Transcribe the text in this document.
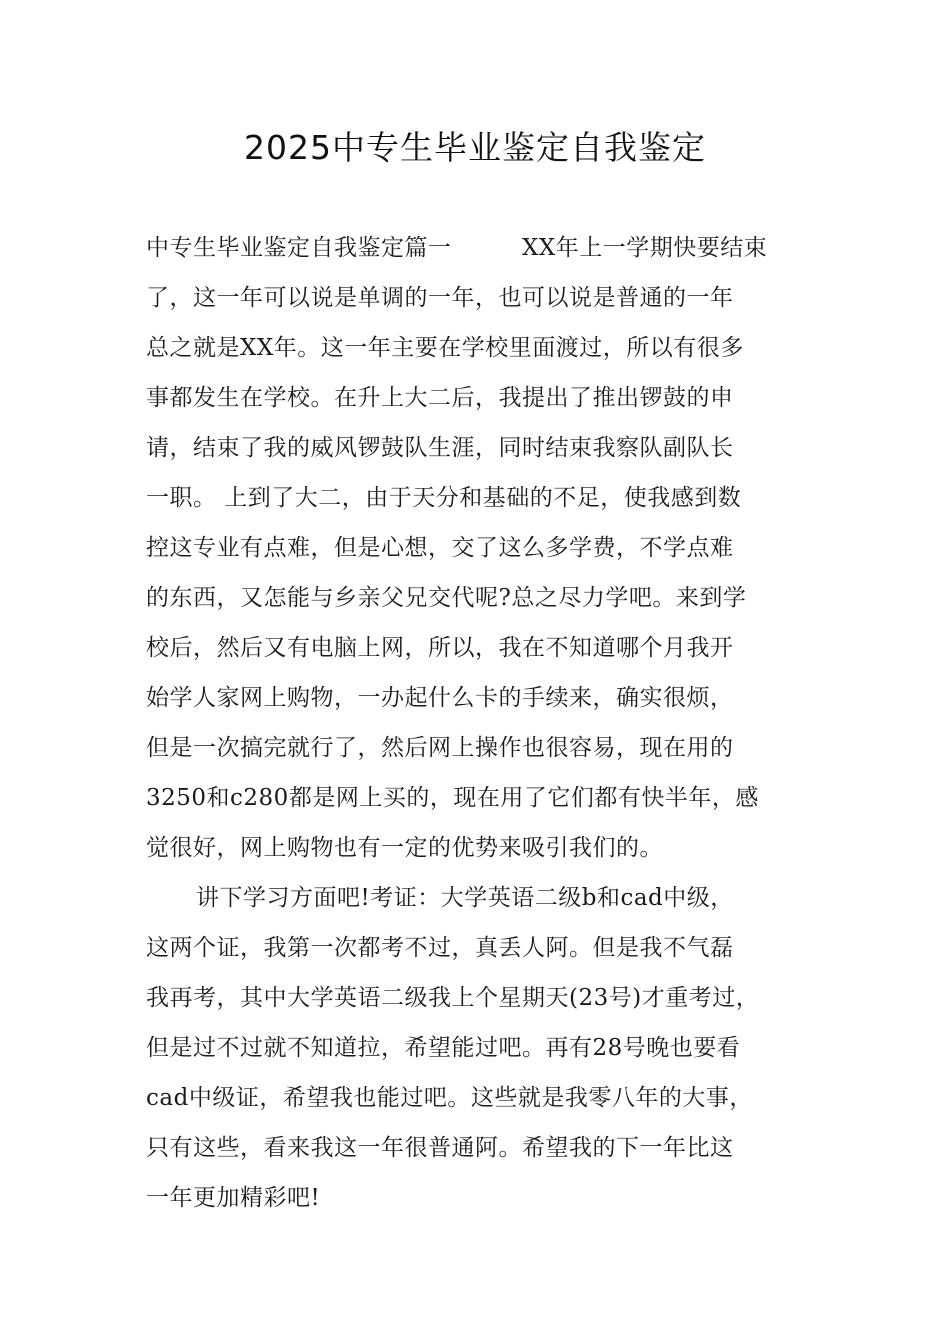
2025中专生毕业鉴定自我鉴定
中专生毕业鉴定自我鉴定篇一　　　XX年上一学期快要结束
了，这一年可以说是单调的一年，也可以说是普通的一年
总之就是XX年。这一年主要在学校里面渡过，所以有很多
事都发生在学校。在升上大二后，我提出了推出锣鼓的申
请，结束了我的威风锣鼓队生涯，同时结束我察队副队长
一职。 上到了大二，由于天分和基础的不足，使我感到数
控这专业有点难，但是心想，交了这么多学费，不学点难
的东西，又怎能与乡亲父兄交代呢?总之尽力学吧。来到学
校后，然后又有电脑上网，所以，我在不知道哪个月我开
始学人家网上购物，一办起什么卡的手续来，确实很烦，
但是一次搞完就行了，然后网上操作也很容易，现在用的
3250和c280都是网上买的，现在用了它们都有快半年，感
觉很好，网上购物也有一定的优势来吸引我们的。
讲下学习方面吧!考证：大学英语二级b和cad中级，
这两个证，我第一次都考不过，真丢人阿。但是我不气磊
我再考，其中大学英语二级我上个星期天(23号)才重考过，
但是过不过就不知道拉，希望能过吧。再有28号晚也要看
cad中级证，希望我也能过吧。这些就是我零八年的大事，
只有这些，看来我这一年很普通阿。希望我的下一年比这
一年更加精彩吧!
